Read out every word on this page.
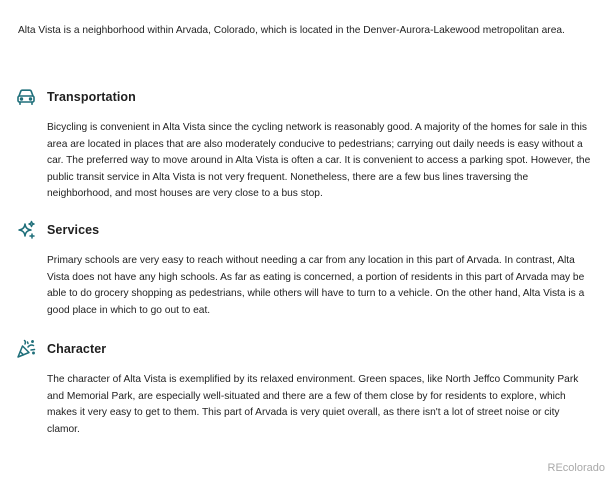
Alta Vista is a neighborhood within Arvada, Colorado, which is located in the Denver-Aurora-Lakewood metropolitan area.
Transportation
Bicycling is convenient in Alta Vista since the cycling network is reasonably good. A majority of the homes for sale in this area are located in places that are also moderately conducive to pedestrians; carrying out daily needs is easy without a car. The preferred way to move around in Alta Vista is often a car. It is convenient to access a parking spot. However, the public transit service in Alta Vista is not very frequent. Nonetheless, there are a few bus lines traversing the neighborhood, and most houses are very close to a bus stop.
Services
Primary schools are very easy to reach without needing a car from any location in this part of Arvada. In contrast, Alta Vista does not have any high schools. As far as eating is concerned, a portion of residents in this part of Arvada may be able to do grocery shopping as pedestrians, while others will have to turn to a vehicle. On the other hand, Alta Vista is a good place in which to go out to eat.
Character
The character of Alta Vista is exemplified by its relaxed environment. Green spaces, like North Jeffco Community Park and Memorial Park, are especially well-situated and there are a few of them close by for residents to explore, which makes it very easy to get to them. This part of Arvada is very quiet overall, as there isn't a lot of street noise or city clamor.
REcolorado
